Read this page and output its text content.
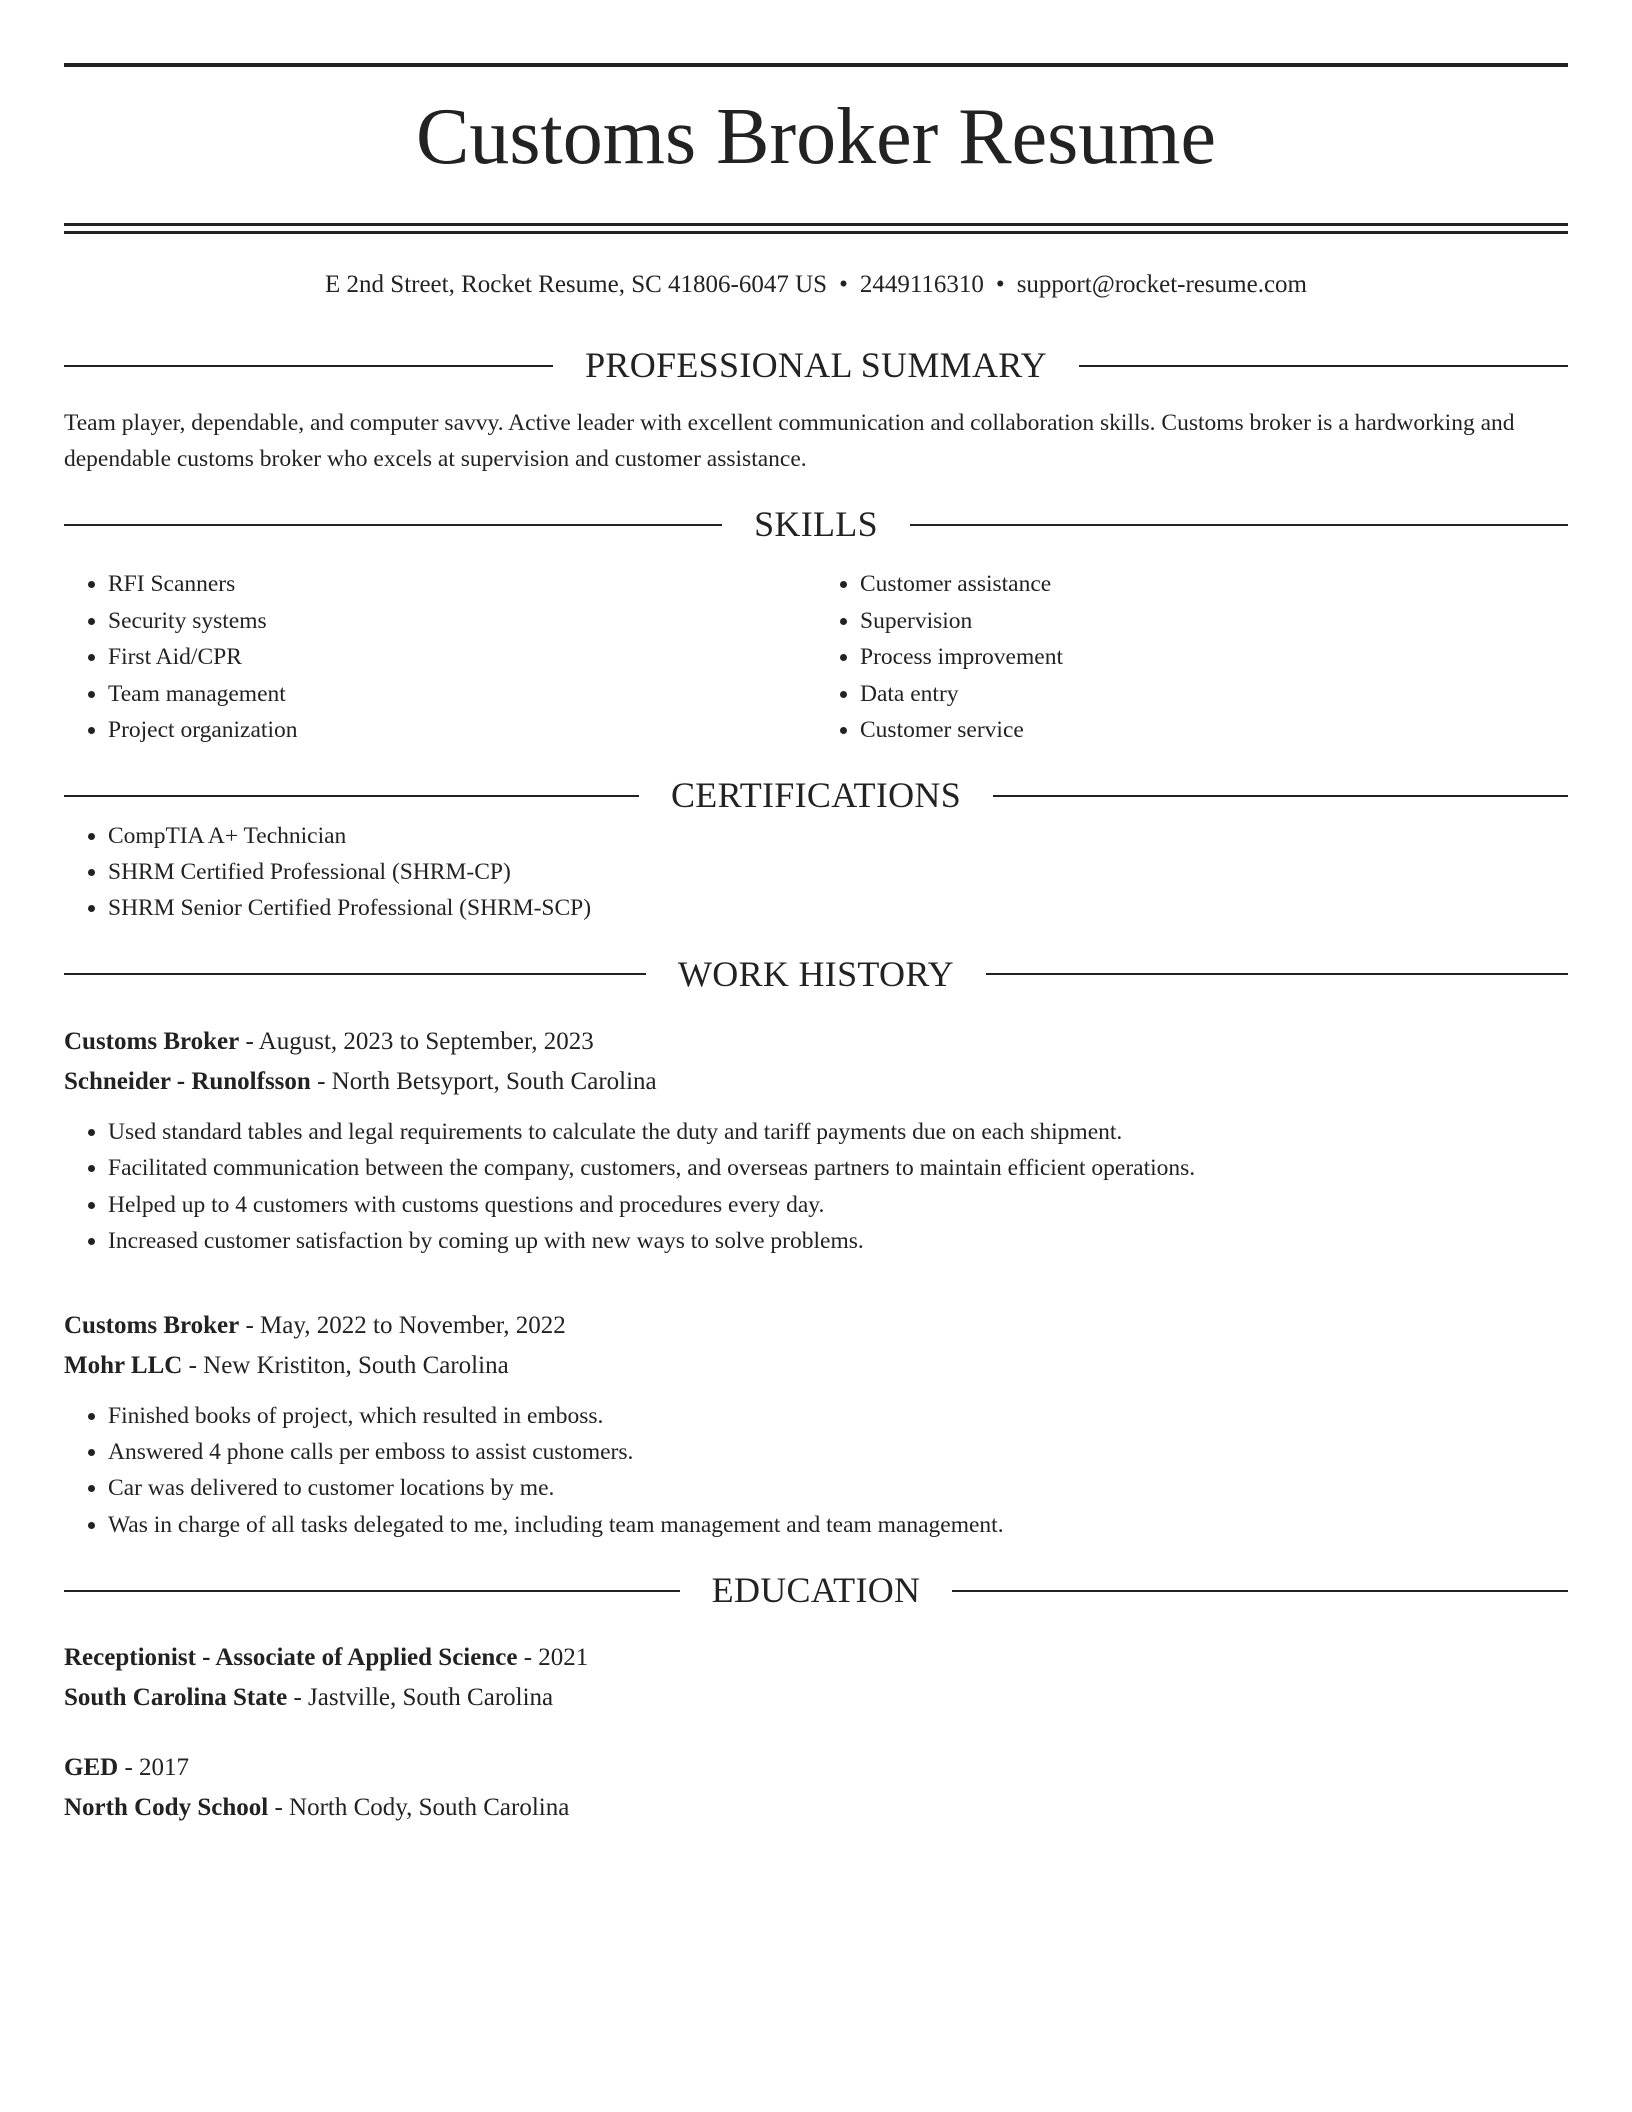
Customs Broker Resume
E 2nd Street, Rocket Resume, SC 41806-6047 US • 2449116310 • support@rocket-resume.com
PROFESSIONAL SUMMARY
Team player, dependable, and computer savvy. Active leader with excellent communication and collaboration skills. Customs broker is a hardworking and dependable customs broker who excels at supervision and customer assistance.
SKILLS
• RFI Scanners
• Security systems
• First Aid/CPR
• Team management
• Project organization
• Customer assistance
• Supervision
• Process improvement
• Data entry
• Customer service
CERTIFICATIONS
• CompTIA A+ Technician
• SHRM Certified Professional (SHRM-CP)
• SHRM Senior Certified Professional (SHRM-SCP)
WORK HISTORY
Customs Broker - August, 2023 to September, 2023
Schneider - Runolfsson - North Betsyport, South Carolina
• Used standard tables and legal requirements to calculate the duty and tariff payments due on each shipment.
• Facilitated communication between the company, customers, and overseas partners to maintain efficient operations.
• Helped up to 4 customers with customs questions and procedures every day.
• Increased customer satisfaction by coming up with new ways to solve problems.
Customs Broker - May, 2022 to November, 2022
Mohr LLC - New Kristiton, South Carolina
• Finished books of project, which resulted in emboss.
• Answered 4 phone calls per emboss to assist customers.
• Car was delivered to customer locations by me.
• Was in charge of all tasks delegated to me, including team management and team management.
EDUCATION
Receptionist - Associate of Applied Science - 2021
South Carolina State - Jastville, South Carolina
GED - 2017
North Cody School - North Cody, South Carolina
